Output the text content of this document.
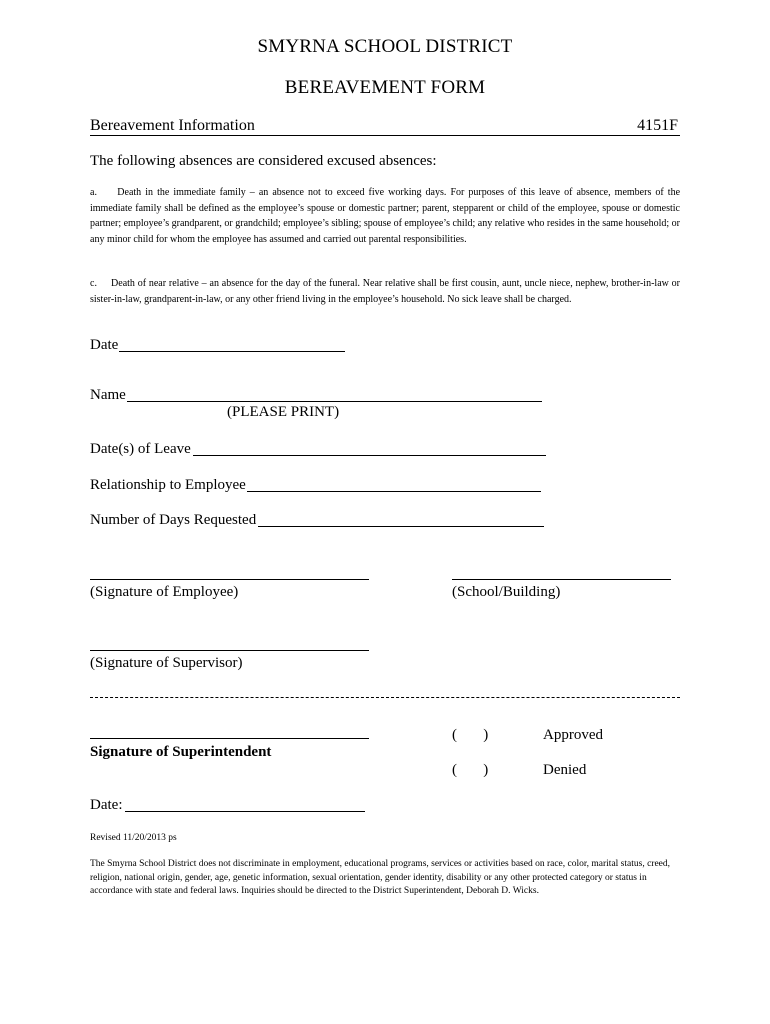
SMYRNA SCHOOL DISTRICT
BEREAVEMENT FORM
Bereavement Information	4151F
The following absences are considered excused absences:
a. Death in the immediate family – an absence not to exceed five working days. For purposes of this leave of absence, members of the immediate family shall be defined as the employee’s spouse or domestic partner; parent, stepparent or child of the employee, spouse or domestic partner; employee’s grandparent, or grandchild; employee’s sibling; spouse of employee’s child; any relative who resides in the same household; or any minor child for whom the employee has assumed and carried out parental responsibilities.
c. Death of near relative – an absence for the day of the funeral. Near relative shall be first cousin, aunt, uncle niece, nephew, brother-in-law or sister-in-law, grandparent-in-law, or any other friend living in the employee’s household. No sick leave shall be charged.
Date
Name
(PLEASE PRINT)
Date(s) of Leave
Relationship to Employee
Number of Days Requested
(Signature of Employee)	(School/Building)
(Signature of Supervisor)
Signature of Superintendent
(       )	Approved
(       )	Denied
Date:
Revised 11/20/2013 ps
The Smyrna School District does not discriminate in employment, educational programs, services or activities based on race, color, marital status, creed, religion, national origin, gender, age, genetic information, sexual orientation, gender identity, disability or any other protected category or status in accordance with state and federal laws. Inquiries should be directed to the District Superintendent, Deborah D. Wicks.
